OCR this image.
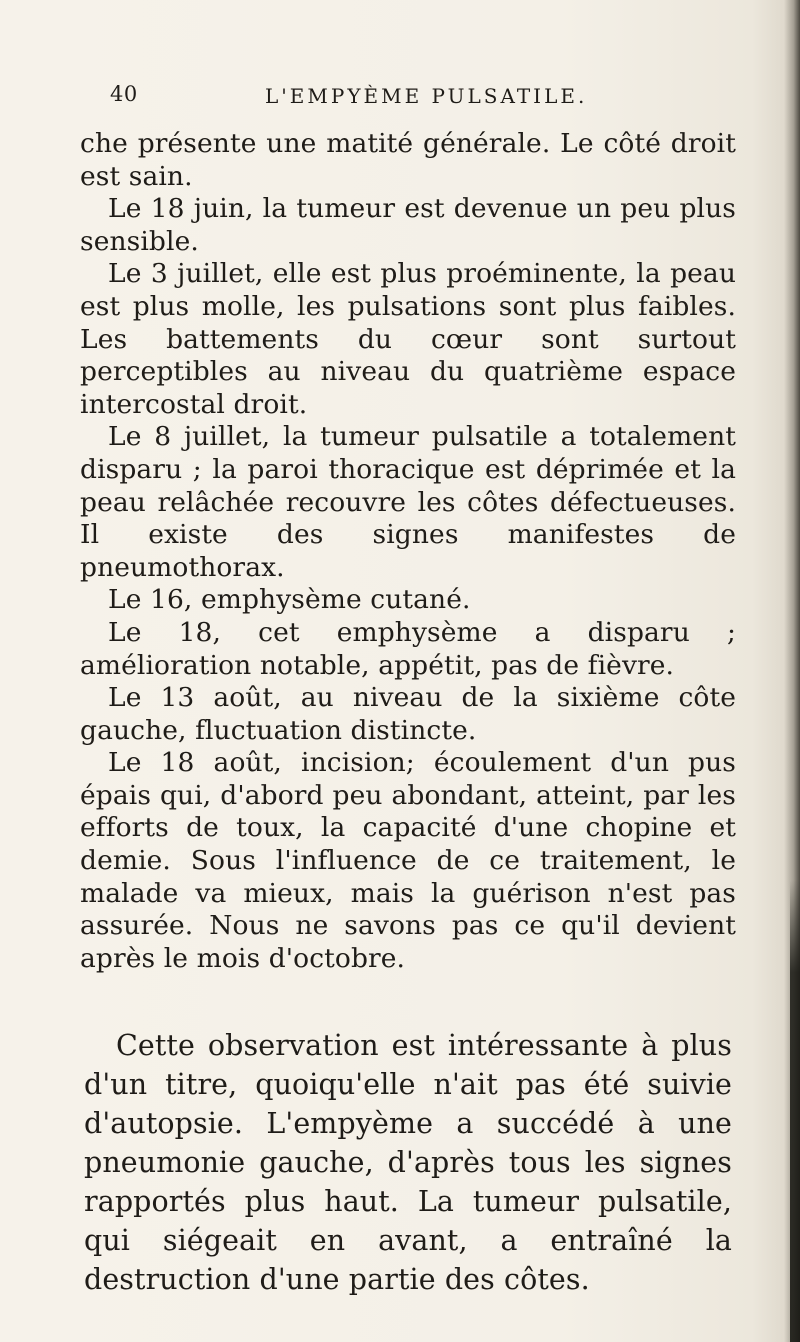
40	L'EMPYÈME PULSATILE.

che présente une matité générale. Le côté droit est sain.

Le 18 juin, la tumeur est devenue un peu plus sensible.

Le 3 juillet, elle est plus proéminente, la peau est plus molle, les pulsations sont plus faibles. Les battements du cœur sont surtout perceptibles au niveau du quatrième espace intercostal droit.

Le 8 juillet, la tumeur pulsatile a totalement disparu ; la paroi thoracique est déprimée et la peau relâchée recouvre les côtes défectueuses. Il existe des signes manifestes de pneumothorax.

Le 16, emphysème cutané.

Le 18, cet emphysème a disparu ; amélioration notable, appétit, pas de fièvre.

Le 13 août, au niveau de la sixième côte gauche, fluctuation distincte.

Le 18 août, incision; écoulement d'un pus épais qui, d'abord peu abondant, atteint, par les efforts de toux, la capacité d'une chopine et demie. Sous l'influence de ce traitement, le malade va mieux, mais la guérison n'est pas assurée. Nous ne savons pas ce qu'il devient après le mois d'octobre.

Cette observation est intéressante à plus d'un titre, quoiqu'elle n'ait pas été suivie d'autopsie. L'empyème a succédé à une pneumonie gauche, d'après tous les signes rapportés plus haut. La tumeur pulsatile, qui siégeait en avant, a entraîné la destruction d'une partie des côtes.
